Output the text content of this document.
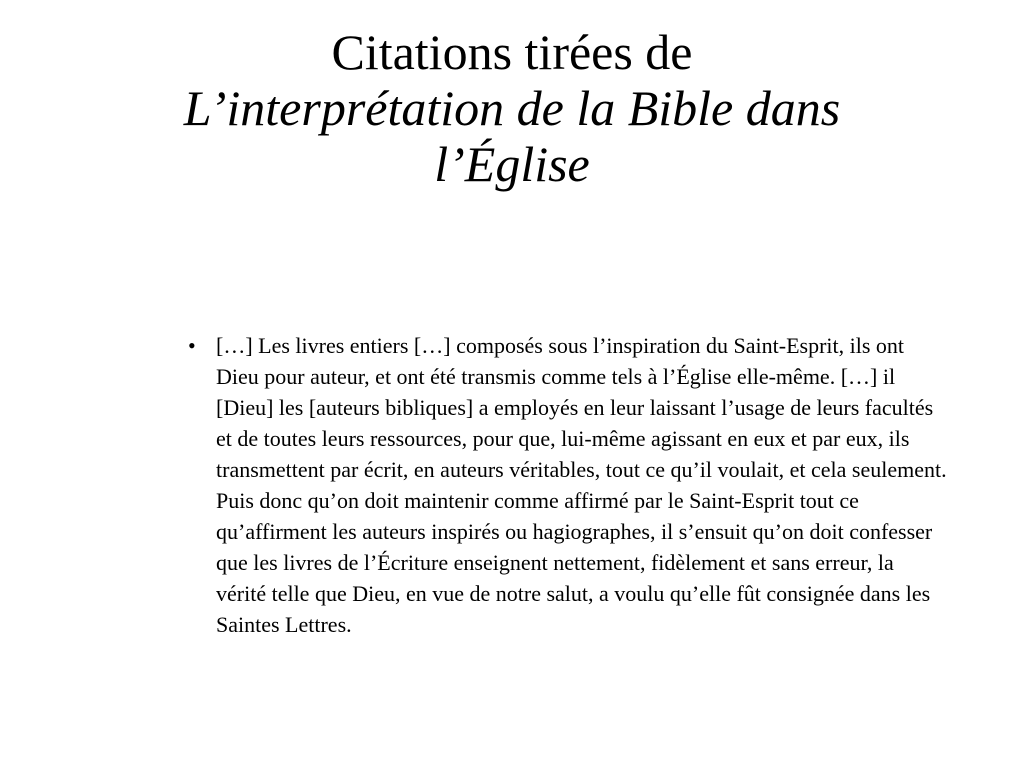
Citations tirées de
L’interprétation de la Bible dans
l’Église
• […] Les livres entiers […] composés sous l’inspiration du Saint-Esprit, ils ont Dieu pour auteur, et ont été transmis comme tels à l’Église elle-même. […] il [Dieu] les [auteurs bibliques] a employés en leur laissant l’usage de leurs facultés et de toutes leurs ressources, pour que, lui-même agissant en eux et par eux, ils transmettent par écrit, en auteurs véritables, tout ce qu’il voulait, et cela seulement. Puis donc qu’on doit maintenir comme affirmé par le Saint-Esprit tout ce qu’affirment les auteurs inspirés ou hagiographes, il s’ensuit qu’on doit confesser que les livres de l’Écriture enseignent nettement, fidèlement et sans erreur, la vérité telle que Dieu, en vue de notre salut, a voulu qu’elle fût consignée dans les Saintes Lettres.
